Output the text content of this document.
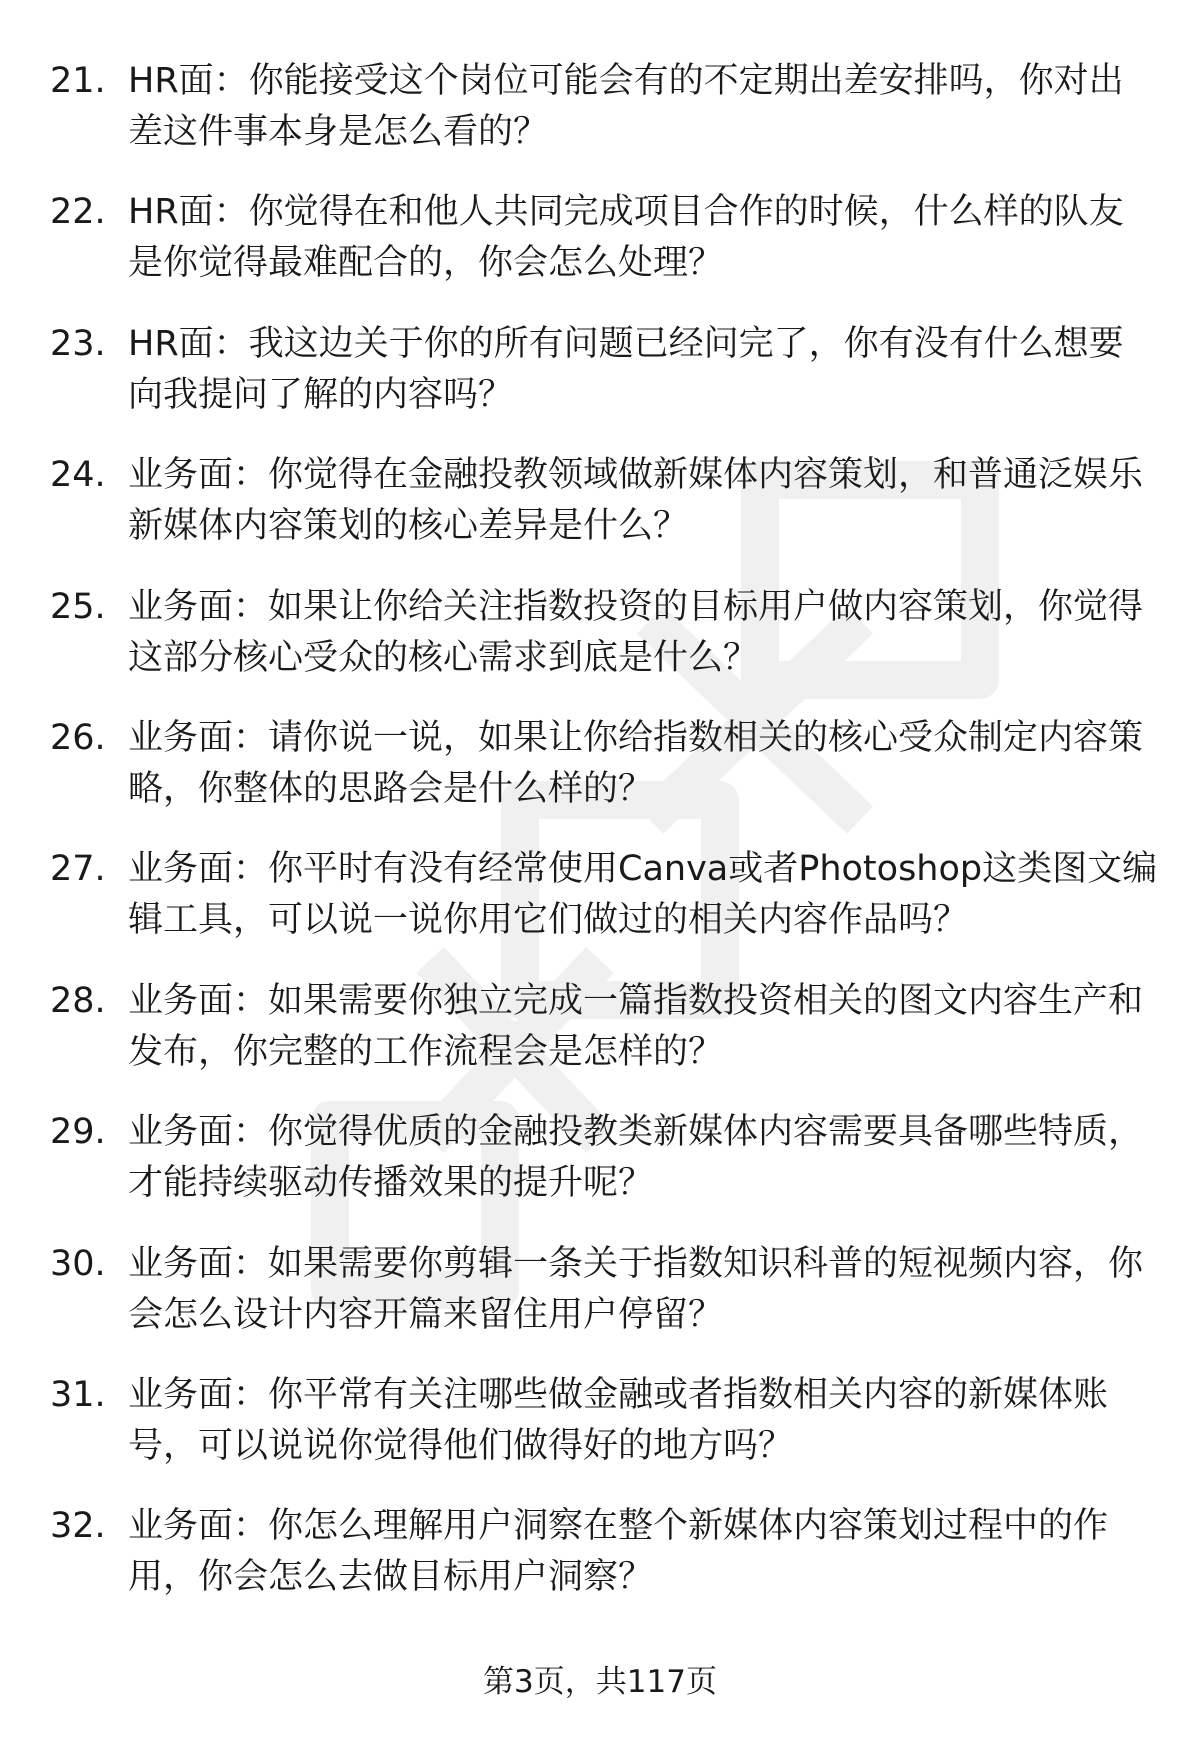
21. HR面：你能接受这个岗位可能会有的不定期出差安排吗，你对出差这件事本身是怎么看的？
22. HR面：你觉得在和他人共同完成项目合作的时候，什么样的队友是你觉得最难配合的，你会怎么处理？
23. HR面：我这边关于你的所有问题已经问完了，你有没有什么想要向我提问了解的内容吗？
24. 业务面：你觉得在金融投教领域做新媒体内容策划，和普通泛娱乐新媒体内容策划的核心差异是什么？
25. 业务面：如果让你给关注指数投资的目标用户做内容策划，你觉得这部分核心受众的核心需求到底是什么？
26. 业务面：请你说一说，如果让你给指数相关的核心受众制定内容策略，你整体的思路会是什么样的？
27. 业务面：你平时有没有经常使用Canva或者Photoshop这类图文编辑工具，可以说一说你用它们做过的相关内容作品吗？
28. 业务面：如果需要你独立完成一篇指数投资相关的图文内容生产和发布，你完整的工作流程会是怎样的？
29. 业务面：你觉得优质的金融投教类新媒体内容需要具备哪些特质，才能持续驱动传播效果的提升呢？
30. 业务面：如果需要你剪辑一条关于指数知识科普的短视频内容，你会怎么设计内容开篇来留住用户停留？
31. 业务面：你平常有关注哪些做金融或者指数相关内容的新媒体账号，可以说说你觉得他们做得好的地方吗？
32. 业务面：你怎么理解用户洞察在整个新媒体内容策划过程中的作用，你会怎么去做目标用户洞察？
第3页，共117页
